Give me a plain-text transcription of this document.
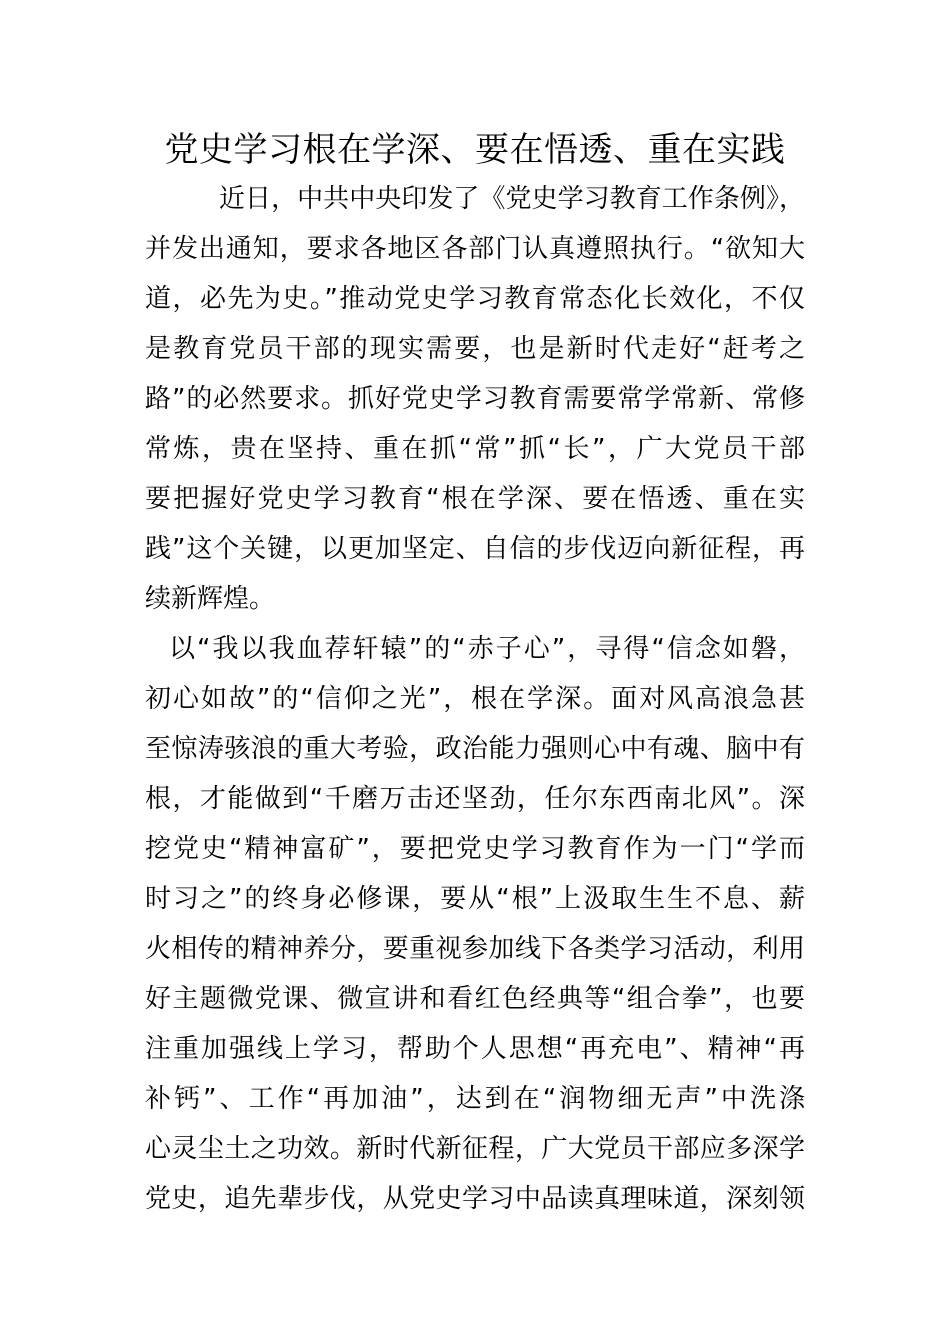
党史学习根在学深、要在悟透、重在实践
近日，中共中央印发了《党史学习教育工作条例》，
并发出通知，要求各地区各部门认真遵照执行。“欲知大
道，必先为史。”推动党史学习教育常态化长效化，不仅
是教育党员干部的现实需要，也是新时代走好“赶考之
路”的必然要求。抓好党史学习教育需要常学常新、常修
常炼，贵在坚持、重在抓“常”抓“长”，广大党员干部
要把握好党史学习教育“根在学深、要在悟透、重在实
践”这个关键，以更加坚定、自信的步伐迈向新征程，再
续新辉煌。
以“我以我血荐轩辕”的“赤子心”，寻得“信念如磐，
初心如故”的“信仰之光”，根在学深。面对风高浪急甚
至惊涛骇浪的重大考验，政治能力强则心中有魂、脑中有
根，才能做到“千磨万击还坚劲，任尔东西南北风”。深
挖党史“精神富矿”，要把党史学习教育作为一门“学而
时习之”的终身必修课，要从“根”上汲取生生不息、薪
火相传的精神养分，要重视参加线下各类学习活动，利用
好主题微党课、微宣讲和看红色经典等“组合拳”，也要
注重加强线上学习，帮助个人思想“再充电”、精神“再
补钙”、工作“再加油”，达到在“润物细无声”中洗涤
心灵尘土之功效。新时代新征程，广大党员干部应多深学
党史，追先辈步伐，从党史学习中品读真理味道，深刻领
